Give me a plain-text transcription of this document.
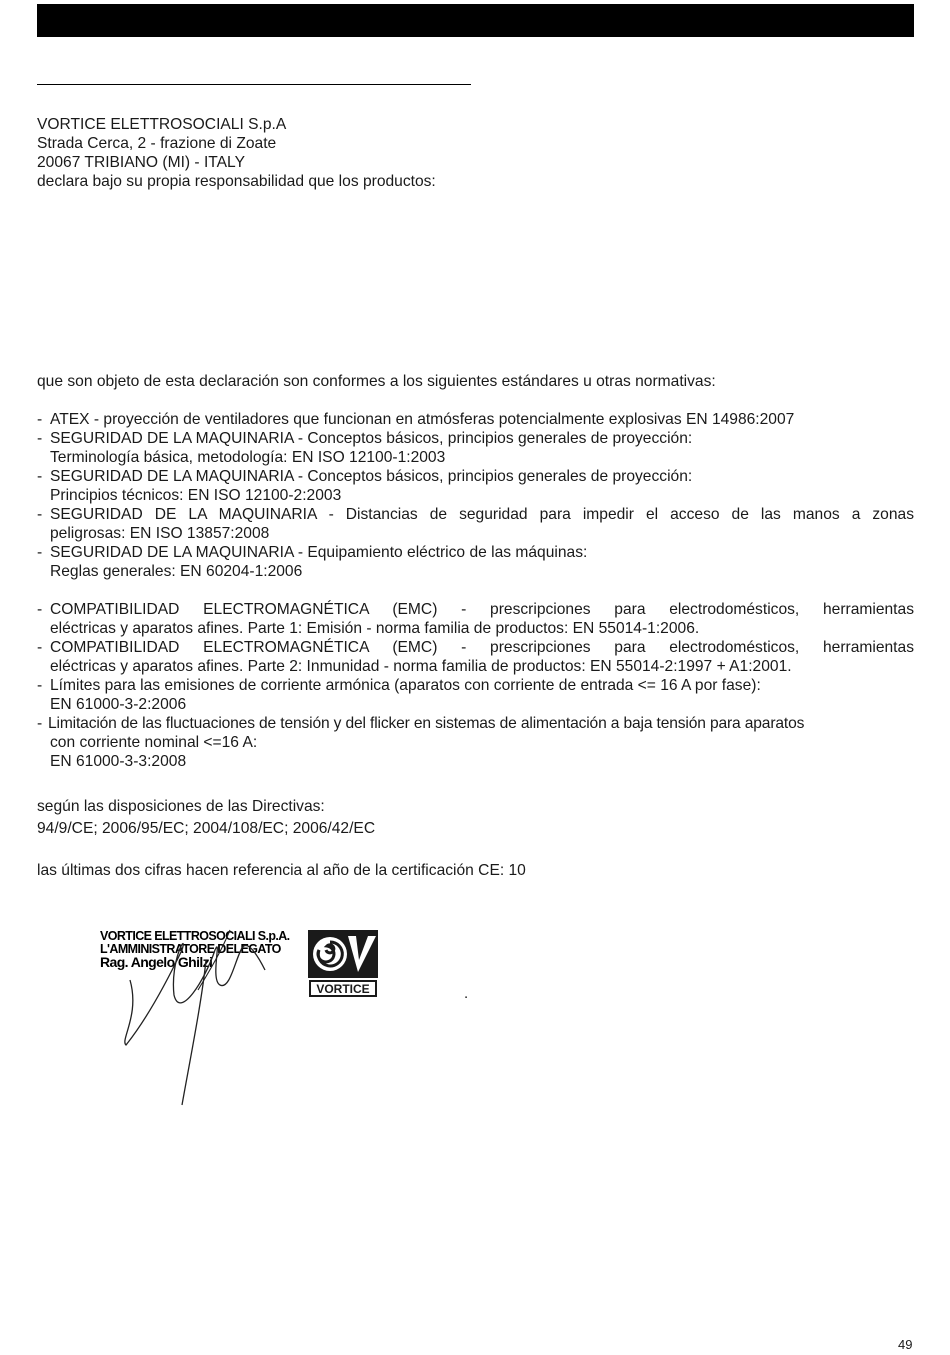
VORTICE ELETTROSOCIALI S.p.A
Strada Cerca, 2 - frazione di Zoate
20067 TRIBIANO (MI) - ITALY
declara bajo su propia responsabilidad que los productos:
que son objeto de esta declaración son conformes a los siguientes estándares u otras normativas:
- ATEX - proyección de ventiladores que funcionan en atmósferas potencialmente explosivas EN 14986:2007
- SEGURIDAD DE LA MAQUINARIA - Conceptos básicos, principios generales de proyección:
Terminología básica, metodología: EN ISO 12100-1:2003
- SEGURIDAD DE LA MAQUINARIA - Conceptos básicos, principios generales de proyección:
Principios técnicos: EN ISO 12100-2:2003
- SEGURIDAD DE LA MAQUINARIA - Distancias de seguridad para impedir el acceso de las manos a zonas
peligrosas: EN ISO 13857:2008
- SEGURIDAD DE LA MAQUINARIA - Equipamiento eléctrico de las máquinas:
Reglas generales: EN 60204-1:2006
- COMPATIBILIDAD ELECTROMAGNÉTICA (EMC) - prescripciones para electrodomésticos, herramientas
eléctricas y aparatos afines. Parte 1: Emisión - norma familia de productos: EN 55014-1:2006.
- COMPATIBILIDAD ELECTROMAGNÉTICA (EMC) - prescripciones para electrodomésticos, herramientas
eléctricas y aparatos afines. Parte 2: Inmunidad - norma familia de productos: EN 55014-2:1997 + A1:2001.
- Límites para las emisiones de corriente armónica (aparatos con corriente de entrada <= 16 A por fase):
EN 61000-3-2:2006
- Limitación de las fluctuaciones de tensión y del flicker en sistemas de alimentación a baja tensión para aparatos
con corriente nominal <=16 A:
EN 61000-3-3:2008
según las disposiciones de las Directivas:
94/9/CE; 2006/95/EC; 2004/108/EC; 2006/42/EC
las últimas dos cifras hacen referencia al año de la certificación CE: 10
VORTICE ELETTROSOCIALI S.p.A.
L'AMMINISTRATORE DELEGATO
Rag. Angelo Ghilzi
VORTICE	.
49
